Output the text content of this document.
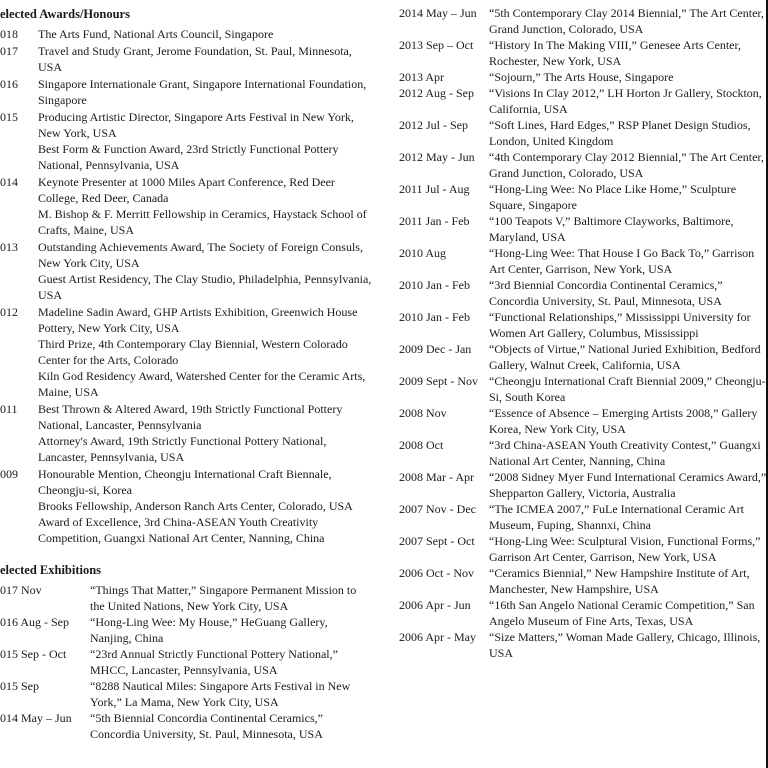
elected Awards/Honours
018	The Arts Fund, National Arts Council, Singapore
017	Travel and Study Grant, Jerome Foundation, St. Paul, Minnesota, USA
016	Singapore Internationale Grant, Singapore International Foundation, Singapore
015	Producing Artistic Director, Singapore Arts Festival in New York, New York, USA
Best Form & Function Award, 23rd Strictly Functional Pottery National, Pennsylvania, USA
014	Keynote Presenter at 1000 Miles Apart Conference, Red Deer College, Red Deer, Canada
M. Bishop & F. Merritt Fellowship in Ceramics, Haystack School of Crafts, Maine, USA
013	Outstanding Achievements Award, The Society of Foreign Consuls, New York City, USA
Guest Artist Residency, The Clay Studio, Philadelphia, Pennsylvania, USA
012	Madeline Sadin Award, GHP Artists Exhibition, Greenwich House Pottery, New York City, USA
Third Prize, 4th Contemporary Clay Biennial, Western Colorado Center for the Arts, Colorado
Kiln God Residency Award, Watershed Center for the Ceramic Arts, Maine, USA
011	Best Thrown & Altered Award, 19th Strictly Functional Pottery National, Lancaster, Pennsylvania
Attorney's Award, 19th Strictly Functional Pottery National, Lancaster, Pennsylvania, USA
009	Honourable Mention, Cheongju International Craft Biennale, Cheongju-si, Korea
Brooks Fellowship, Anderson Ranch Arts Center, Colorado, USA
Award of Excellence, 3rd China-ASEAN Youth Creativity Competition, Guangxi National Art Center, Nanning, China
elected Exhibitions
017 Nov	“Things That Matter,” Singapore Permanent Mission to the United Nations, New York City, USA
016 Aug - Sep	“Hong-Ling Wee: My House,” HeGuang Gallery, Nanjing, China
015 Sep - Oct	“23rd Annual Strictly Functional Pottery National,” MHCC, Lancaster, Pennsylvania, USA
015 Sep	“8288 Nautical Miles: Singapore Arts Festival in New York,” La Mama, New York City, USA
014 May – Jun	“5th Biennial Concordia Continental Ceramics,” Concordia University, St. Paul, Minnesota, USA
2014 May – Jun	“5th Contemporary Clay 2014 Biennial,” The Art Center, Grand Junction, Colorado, USA
2013 Sep – Oct	“History In The Making VIII,” Genesee Arts Center, Rochester, New York, USA
2013 Apr	“Sojourn,” The Arts House, Singapore
2012 Aug - Sep	“Visions In Clay 2012,” LH Horton Jr Gallery, Stockton, California, USA
2012 Jul - Sep	“Soft Lines, Hard Edges,” RSP Planet Design Studios, London, United Kingdom
2012 May - Jun	“4th Contemporary Clay 2012 Biennial,” The Art Center, Grand Junction, Colorado, USA
2011 Jul - Aug	“Hong-Ling Wee: No Place Like Home,” Sculpture Square, Singapore
2011 Jan - Feb	“100 Teapots V,” Baltimore Clayworks, Baltimore, Maryland, USA
2010 Aug	“Hong-Ling Wee: That House I Go Back To,” Garrison Art Center, Garrison, New York, USA
2010 Jan - Feb	“3rd Biennial Concordia Continental Ceramics,” Concordia University, St. Paul, Minnesota, USA
2010 Jan - Feb	“Functional Relationships,” Mississippi University for Women Art Gallery, Columbus, Mississippi
2009 Dec - Jan	“Objects of Virtue,” National Juried Exhibition, Bedford Gallery, Walnut Creek, California, USA
2009 Sept - Nov “Cheongju International Craft Biennial 2009,” Cheongju-Si, South Korea
2008 Nov	“Essence of Absence – Emerging Artists 2008,” Gallery Korea, New York City, USA
2008 Oct	“3rd China-ASEAN Youth Creativity Contest,” Guangxi National Art Center, Nanning, China
2008 Mar - Apr	“2008 Sidney Myer Fund International Ceramics Award,” Shepparton Gallery, Victoria, Australia
2007 Nov - Dec	“The ICMEA 2007,” FuLe International Ceramic Art Museum, Fuping, Shannxi, China
2007 Sept - Oct	“Hong-Ling Wee: Sculptural Vision, Functional Forms,” Garrison Art Center, Garrison, New York, USA
2006 Oct - Nov	“Ceramics Biennial,” New Hampshire Institute of Art, Manchester, New Hampshire, USA
2006 Apr - Jun	“16th San Angelo National Ceramic Competition,” San Angelo Museum of Fine Arts, Texas, USA
2006 Apr - May	“Size Matters,” Woman Made Gallery, Chicago, Illinois, USA
